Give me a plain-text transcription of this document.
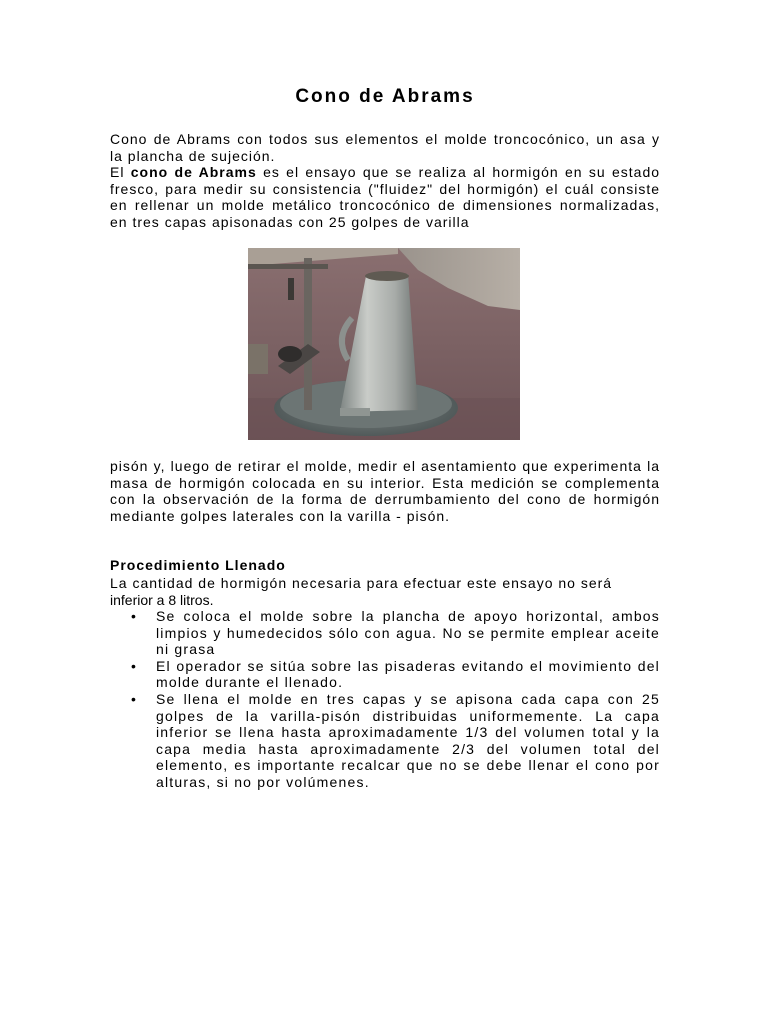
Cono de Abrams

Cono de Abrams con todos sus elementos el molde troncocónico, un asa y la plancha de sujeción.
El cono de Abrams es el ensayo que se realiza al hormigón en su estado fresco, para medir su consistencia ("fluidez" del hormigón) el cuál consiste en rellenar un molde metálico troncocónico de dimensiones normalizadas, en tres capas apisonadas con 25 golpes de varilla

pisón y, luego de retirar el molde, medir el asentamiento que experimenta la masa de hormigón colocada en su interior. Esta medición se complementa con la observación de la forma de derrumbamiento del cono de hormigón mediante golpes laterales con la varilla - pisón.

Procedimiento Llenado

La cantidad de hormigón necesaria para efectuar este ensayo no será
inferior a 8 litros.

• Se coloca el molde sobre la plancha de apoyo horizontal, ambos limpios y humedecidos sólo con agua. No se permite emplear aceite ni grasa
• El operador se sitúa sobre las pisaderas evitando el movimiento del molde durante el llenado.
• Se llena el molde en tres capas y se apisona cada capa con 25 golpes de la varilla-pisón distribuidas uniformemente. La capa inferior se llena hasta aproximadamente 1/3 del volumen total y la capa media hasta aproximadamente 2/3 del volumen total del elemento, es importante recalcar que no se debe llenar el cono por alturas, si no por volúmenes.
